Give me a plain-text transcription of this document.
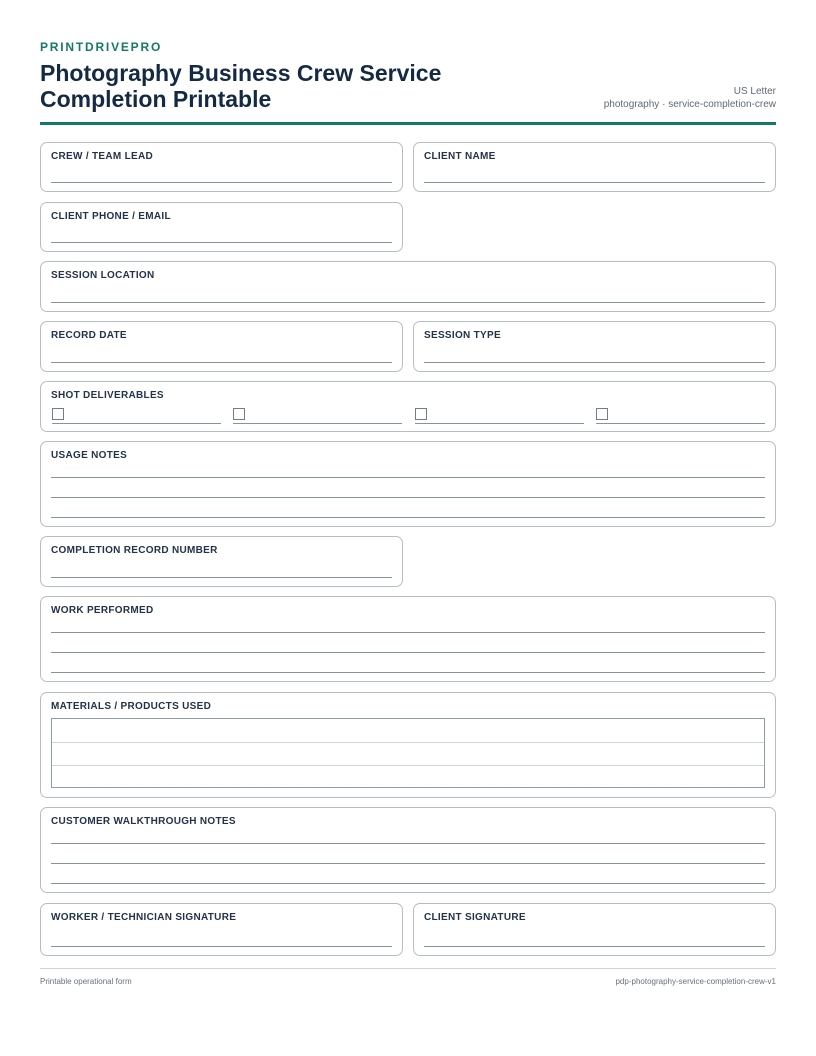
PRINTDRIVEPRO
Photography Business Crew Service
Completion Printable	US Letter
photography · service-completion-crew
CREW / TEAM LEAD	CLIENT NAME
CLIENT PHONE / EMAIL
SESSION LOCATION
RECORD DATE	SESSION TYPE
SHOT DELIVERABLES
USAGE NOTES
COMPLETION RECORD NUMBER
WORK PERFORMED
MATERIALS / PRODUCTS USED
CUSTOMER WALKTHROUGH NOTES
WORKER / TECHNICIAN SIGNATURE	CLIENT SIGNATURE
Printable operational form	pdp-photography-service-completion-crew-v1
